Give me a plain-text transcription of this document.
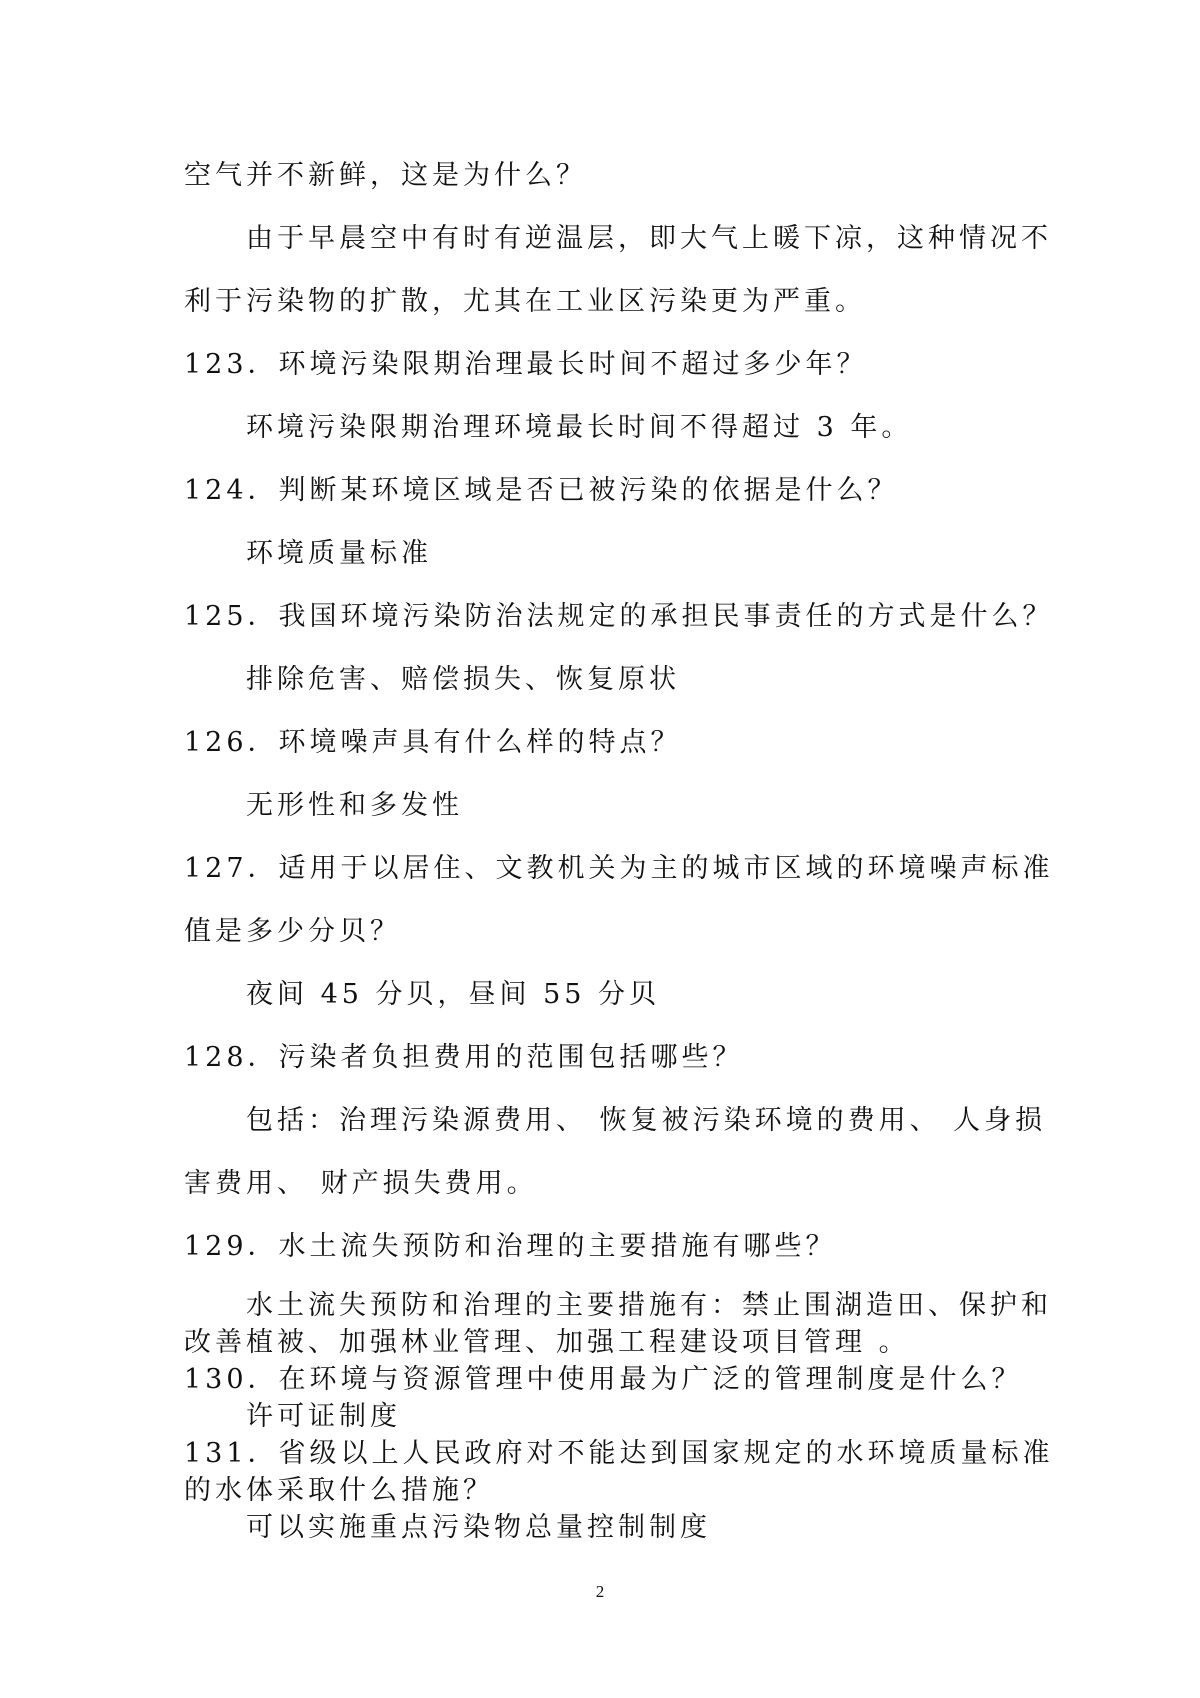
空气并不新鲜，这是为什么？
由于早晨空中有时有逆温层，即大气上暖下凉，这种情况不
利于污染物的扩散，尤其在工业区污染更为严重。
123．环境污染限期治理最长时间不超过多少年？
环境污染限期治理环境最长时间不得超过 3 年。
124．判断某环境区域是否已被污染的依据是什么？
环境质量标准
125．我国环境污染防治法规定的承担民事责任的方式是什么？
排除危害、赔偿损失、恢复原状
126．环境噪声具有什么样的特点？
无形性和多发性
127．适用于以居住、文教机关为主的城市区域的环境噪声标准
值是多少分贝？
夜间 45 分贝，昼间 55 分贝
128．污染者负担费用的范围包括哪些？
包括：治理污染源费用、 恢复被污染环境的费用、 人身损
害费用、 财产损失费用。
129．水土流失预防和治理的主要措施有哪些？
水土流失预防和治理的主要措施有：禁止围湖造田、保护和
改善植被、加强林业管理、加强工程建设项目管理 。
130．在环境与资源管理中使用最为广泛的管理制度是什么？
许可证制度
131．省级以上人民政府对不能达到国家规定的水环境质量标准
的水体采取什么措施？
可以实施重点污染物总量控制制度
2
